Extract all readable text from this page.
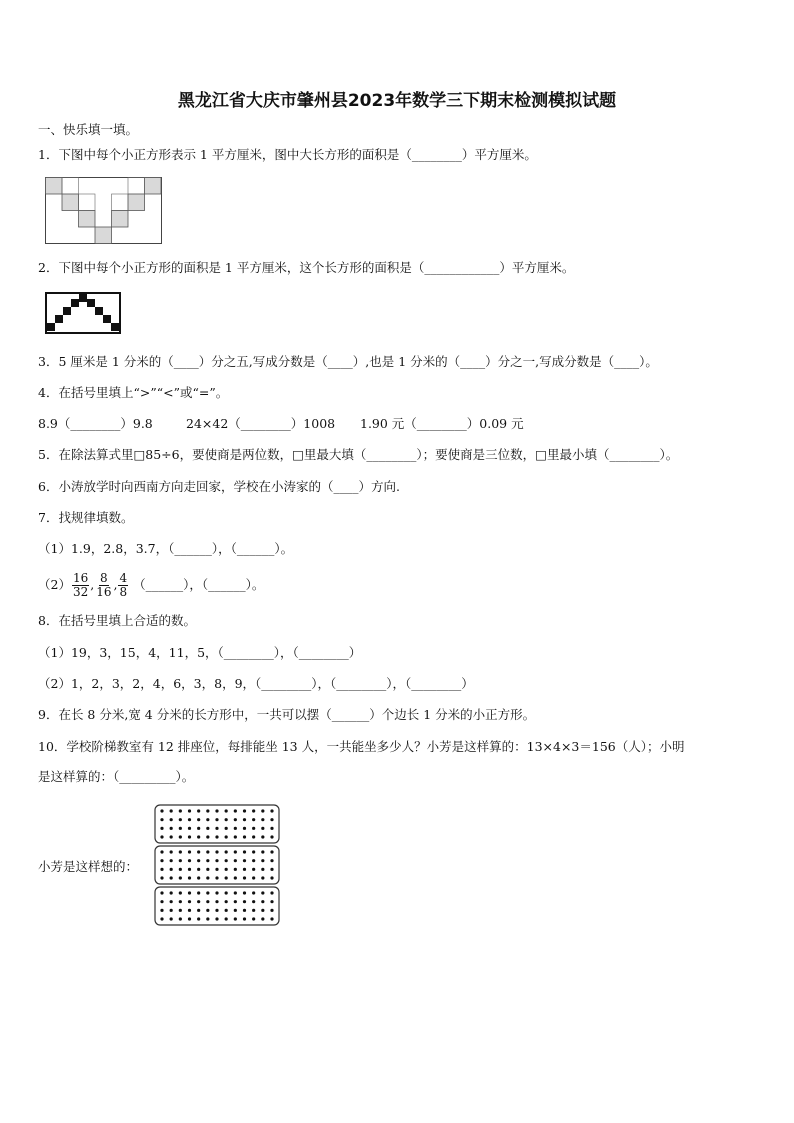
黑龙江省大庆市肇州县2023年数学三下期末检测模拟试题
一、快乐填一填。
1．下图中每个小正方形表示 1 平方厘米，图中大长方形的面积是（________）平方厘米。
2．下图中每个小正方形的面积是 1 平方厘米，这个长方形的面积是（____________）平方厘米。
3．5 厘米是 1 分米的（____）分之五,写成分数是（____）,也是 1 分米的（____）分之一,写成分数是（____）。
4．在括号里填上“>”“<”或“=”。
8.9（________）9.8	24×42（________）1008 1.90 元（________）0.09 元
5．在除法算式里□85÷6，要使商是两位数，□里最大填（________）；要使商是三位数，□里最小填（________）。
6．小涛放学时向西南方向走回家，学校在小涛家的（____）方向.
7．找规律填数。
（1）1.9，2.8，3.7，（______），（______）。
$(2) \frac{16}{32}$ , $\frac{8}{16}$ , $\frac{4}{8}$ （______），（______）。
8．在括号里填上合适的数。
（1）19，3，15，4，11，5，（________），（________）
（2）1，2，3，2，4，6，3，8，9，（________），（________），（________）
9．在长 8 分米,宽 4 分米的长方形中，一共可以摆（______）个边长 1 分米的小正方形。
10．学校阶梯教室有 12 排座位，每排能坐 13 人，一共能坐多少人？小芳是这样算的：13×4×3＝156（人）；小明
是这样算的：（_________）。
小芳是这样想的：
